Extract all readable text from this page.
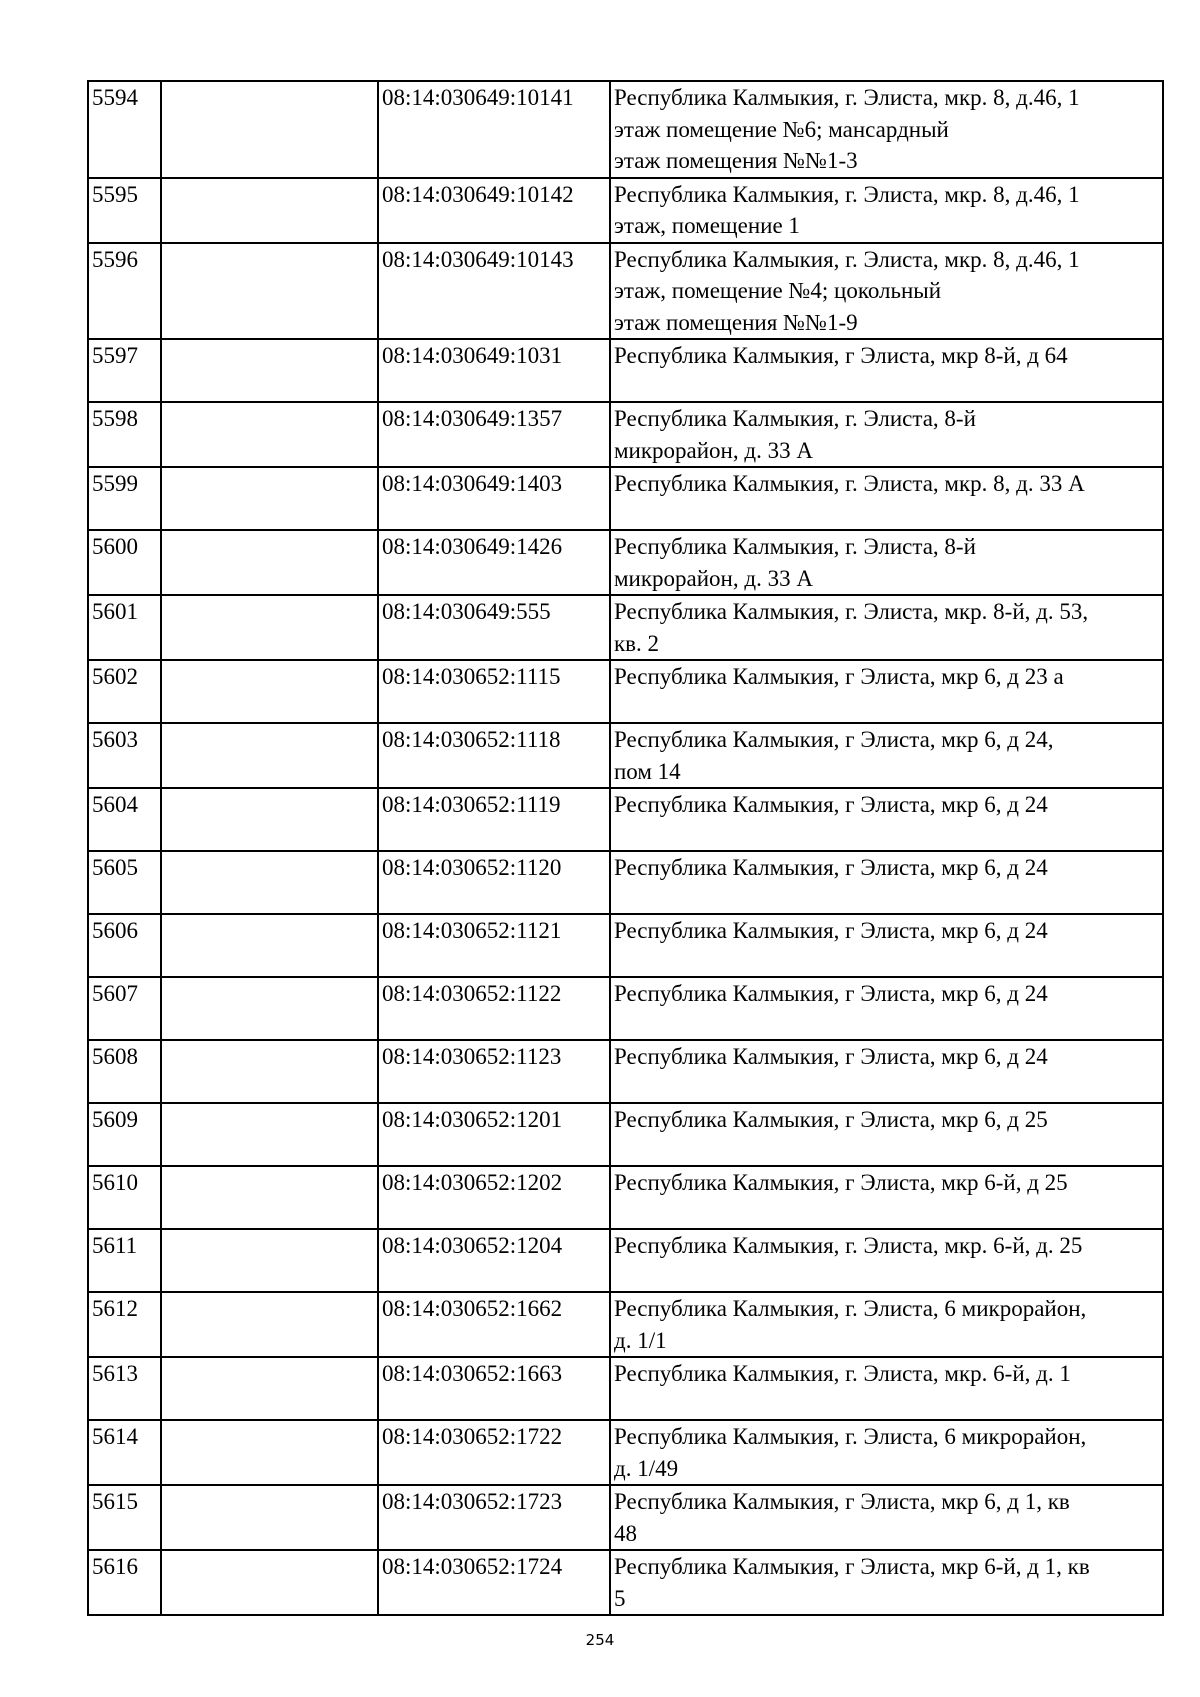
5594		08:14:030649:10141	Республика Калмыкия, г. Элиста, мкр. 8, д.46, 1
этаж помещение №6; мансардный
этаж помещения №№1-3

5595		08:14:030649:10142	Республика Калмыкия, г. Элиста, мкр. 8, д.46, 1
этаж, помещение 1

5596		08:14:030649:10143	Республика Калмыкия, г. Элиста, мкр. 8, д.46, 1
этаж, помещение №4; цокольный
этаж помещения №№1-9

5597		08:14:030649:1031	Республика Калмыкия, г Элиста, мкр 8-й, д 64

5598		08:14:030649:1357	Республика Калмыкия, г. Элиста, 8-й
микрорайон, д. 33 А

5599		08:14:030649:1403	Республика Калмыкия, г. Элиста, мкр. 8, д. 33 А

5600		08:14:030649:1426	Республика Калмыкия, г. Элиста, 8-й
микрорайон, д. 33 А

5601		08:14:030649:555	Республика Калмыкия, г. Элиста, мкр. 8-й, д. 53,
кв. 2

5602		08:14:030652:1115	Республика Калмыкия, г Элиста, мкр 6, д 23 а

5603		08:14:030652:1118	Республика Калмыкия, г Элиста, мкр 6, д 24,
пом 14

5604		08:14:030652:1119	Республика Калмыкия, г Элиста, мкр 6, д 24

5605		08:14:030652:1120	Республика Калмыкия, г Элиста, мкр 6, д 24

5606		08:14:030652:1121	Республика Калмыкия, г Элиста, мкр 6, д 24

5607		08:14:030652:1122	Республика Калмыкия, г Элиста, мкр 6, д 24

5608		08:14:030652:1123	Республика Калмыкия, г Элиста, мкр 6, д 24

5609		08:14:030652:1201	Республика Калмыкия, г Элиста, мкр 6, д 25

5610		08:14:030652:1202	Республика Калмыкия, г Элиста, мкр 6-й, д 25

5611		08:14:030652:1204	Республика Калмыкия, г. Элиста, мкр. 6-й, д. 25

5612		08:14:030652:1662	Республика Калмыкия, г. Элиста, 6 микрорайон,
д. 1/1

5613		08:14:030652:1663	Республика Калмыкия, г. Элиста, мкр. 6-й, д. 1

5614		08:14:030652:1722	Республика Калмыкия, г. Элиста, 6 микрорайон,
д. 1/49

5615		08:14:030652:1723	Республика Калмыкия, г Элиста, мкр 6, д 1, кв
48

5616		08:14:030652:1724	Республика Калмыкия, г Элиста, мкр 6-й, д 1, кв
5
254
